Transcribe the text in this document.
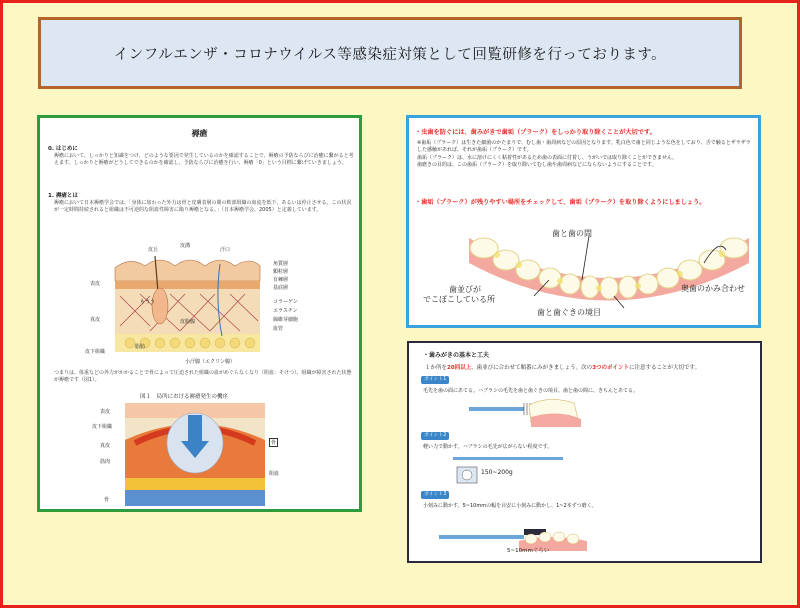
インフルエンザ・コロナウイルス等感染症対策として回覧研修を行っております。
褥瘡
0. はじめに
褥瘡において、しっかりと知識をつけ、どのような要因で発生しているのかを確認することで、褥瘡の予防ならびに治癒に繋がると考えます。しっかりと褥瘡がどうしてできるのかを確認し、予防ならびに治癒を行い、褥瘡「0」という目標に繋げていきましょう。
1. 褥瘡とは
褥瘡において日本褥瘡学会では、「身体に加わった外力は骨と皮膚表層の間の軟部組織の血流を低下、あるいは停止させる。この状況が一定時間持続されると組織は不可逆的な阻血性障害に陥り褥瘡となる。」（日本褥瘡学会、2005）と定義しています。
皮丘
皮溝
汗口
角質層
顆粒層
有棘層
基底層
表皮
真皮
皮下組織
もうう	コラーゲン
エラスチン
線維芽細胞
血管
皮脂腺
小汗腺（エクリン腺）
脂肪
つまりは、体重などの外力がかかることで骨によって圧迫された組織の血がめぐらなくなり（阻血：そけつ）、組織が障害された状態が褥瘡です（図1）。
図１　局所における褥瘡発生の機序
表皮
皮下組織
真皮
筋肉
骨
骨
阻血
・虫歯を防ぐには、歯みがきで歯垢（プラーク）をしっかり取り除くことが大切です。
※歯垢（プラーク）は生きた細菌のかたまりで、むし歯・歯周病などの原因となります。乳白色で歯と同じような色をしており、舌で触るとザラザラした感触があれば、それが歯垢（プラーク）です。
歯垢（プラーク）は、水に溶けにくく粘着性があるため歯の表面に付着し、うがいでは取り除くことができません。
歯磨きの目的は、この歯垢（プラーク）を取り除いてむし歯や歯周病などにならないようにすることです。
・歯垢（プラーク）が残りやすい場所をチェックして、歯垢（プラーク）を取り除くようにしましょう。
歯と歯の間
奥歯のかみ合わせ
歯並びが
でこぼこしている所
歯と歯ぐきの境目
・歯みがきの基本と工夫
１か所を20回以上、歯並びに合わせて順番にみがきましょう。次の3つのポイントに注意することが大切です。
ポイント1
毛先を歯の面にあてる。ハブラシの毛先を歯と歯ぐきの境目、歯と歯の間に、きちんとあてる。
ポイント2
軽い力で動かす。ハブラシの毛先が広がらない程度です。
150~200g
ポイント3
小刻みに動かす。5~10mmの幅を目安に小刻みに動かし、1~2本ずつ磨く。
5~10mmぐらい
